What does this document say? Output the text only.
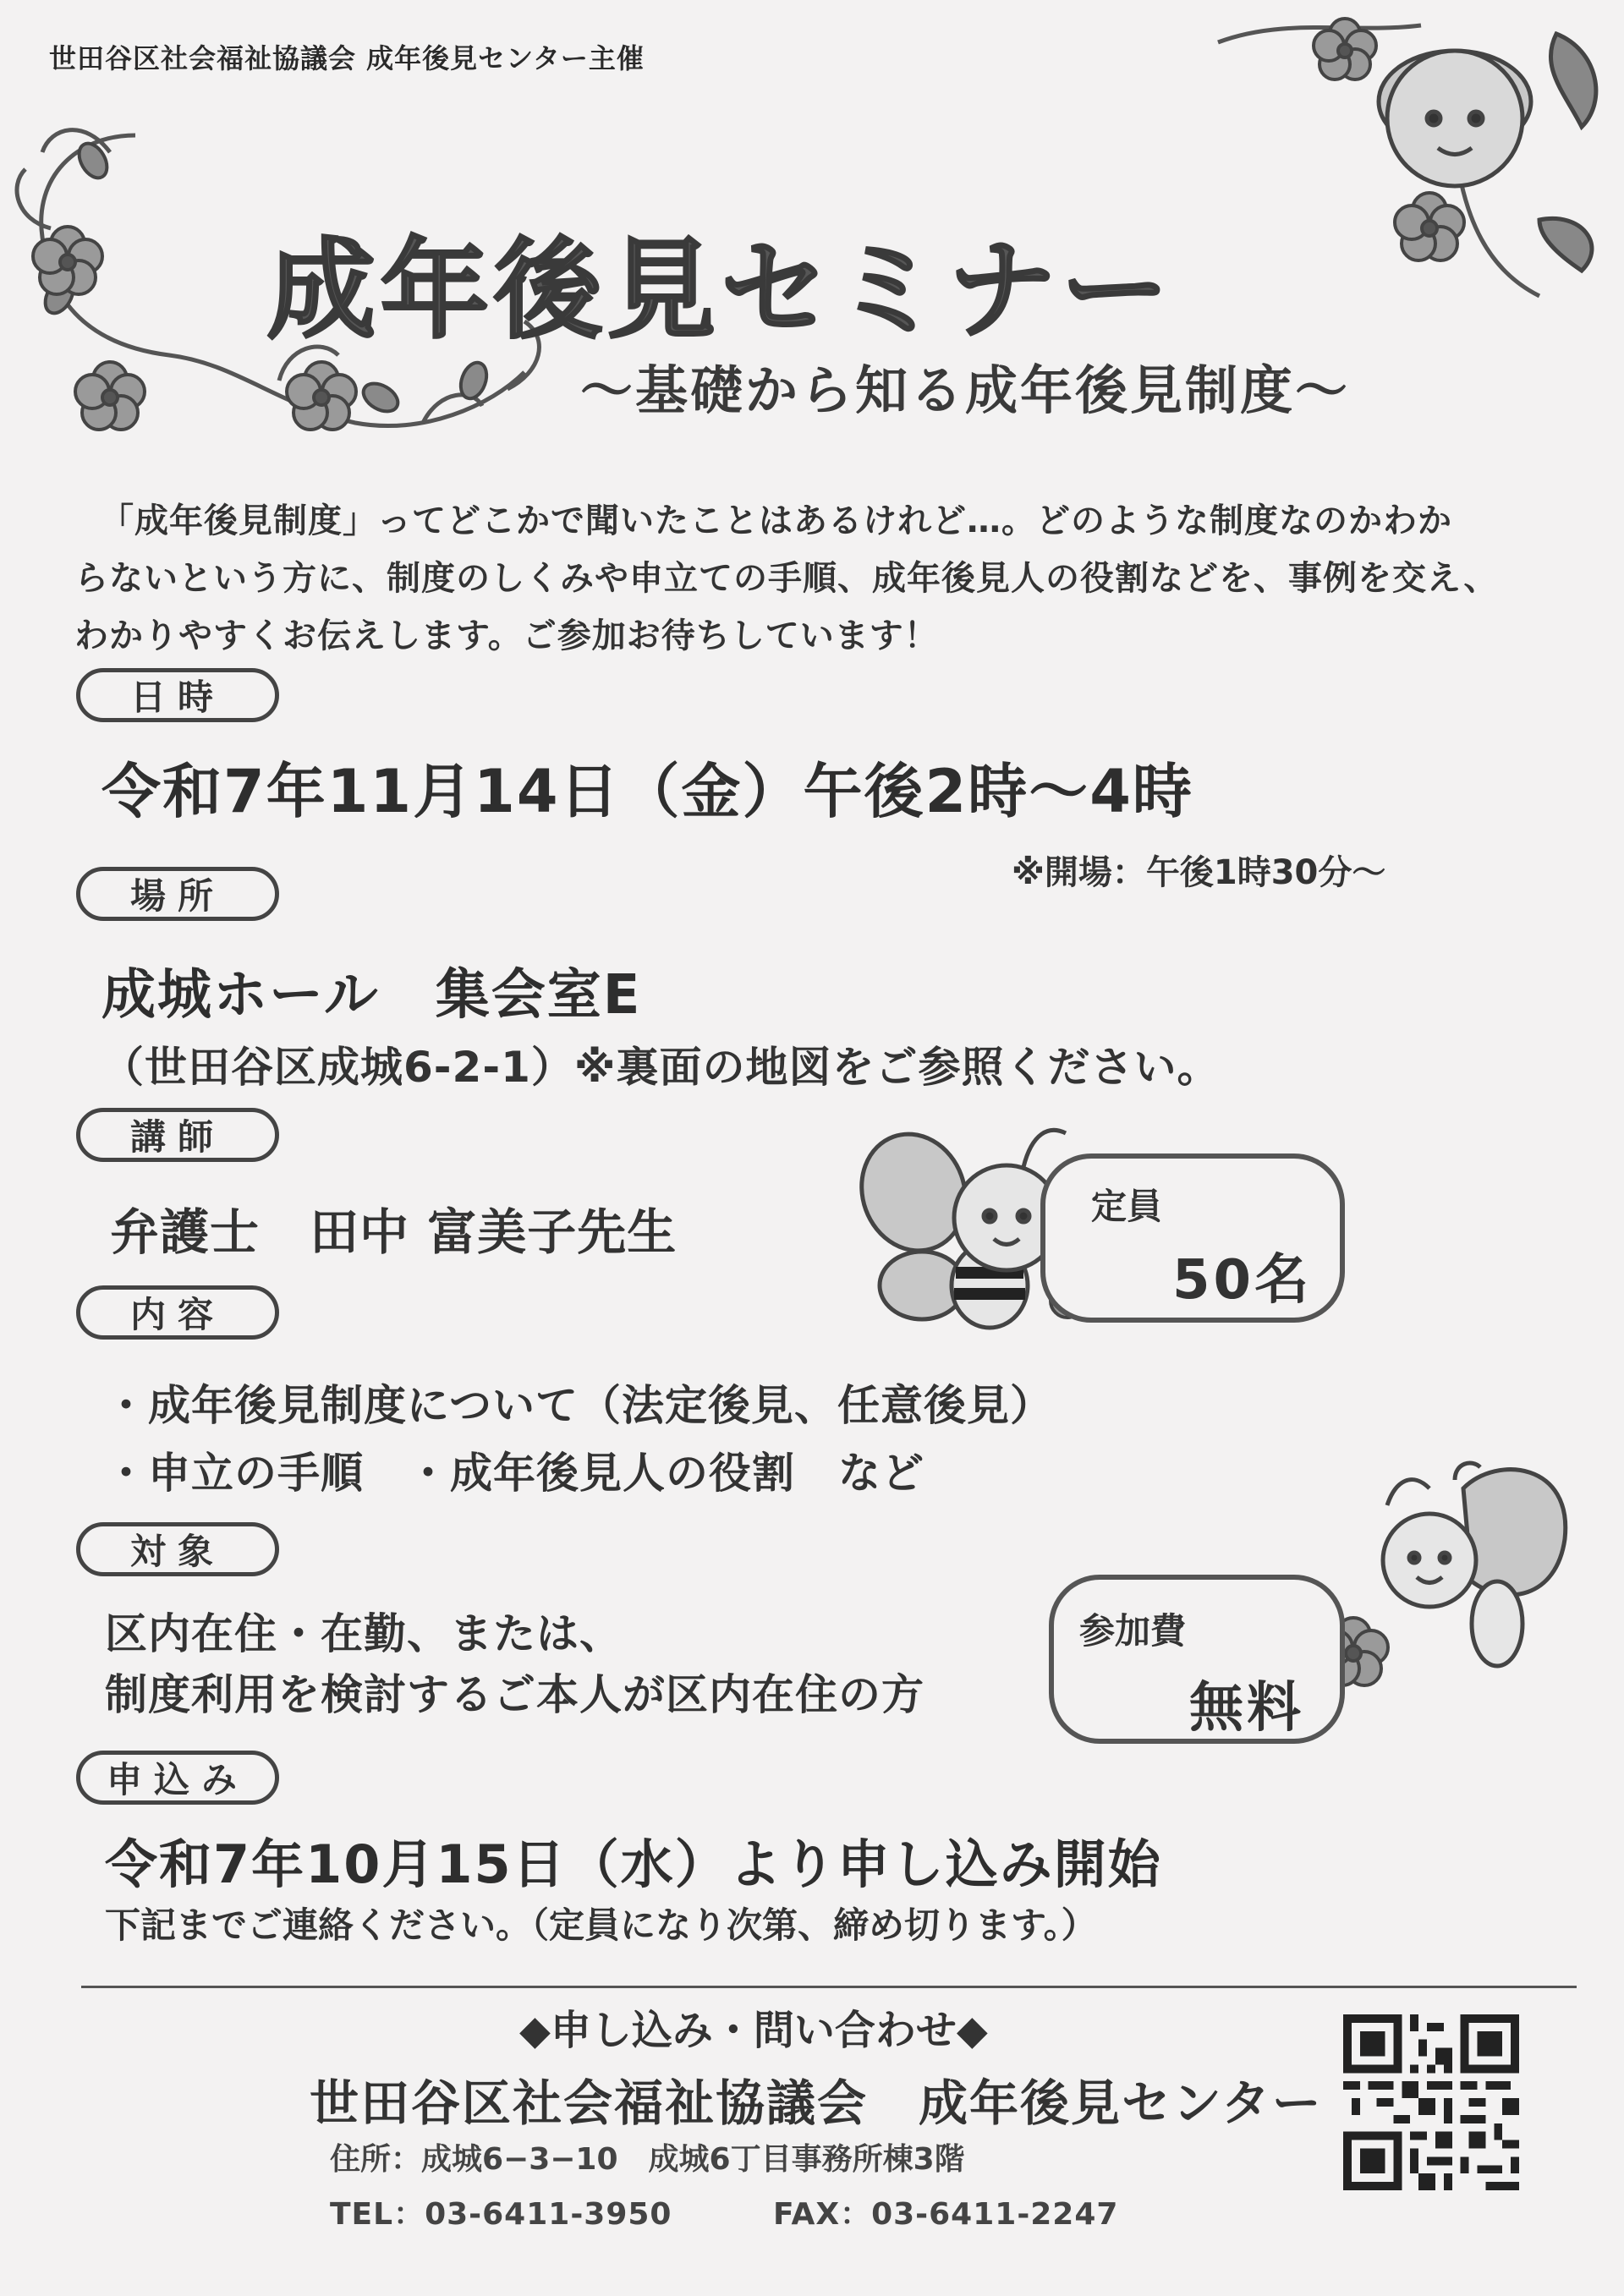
世田谷区社会福祉協議会 成年後見センター主催
成年後見セミナー
〜基礎から知る成年後見制度〜
「成年後見制度」ってどこかで聞いたことはあるけれど…。どのような制度なのかわか
らないという方に、制度のしくみや申立ての手順、成年後見人の役割などを、事例を交え、
わかりやすくお伝えします。ご参加お待ちしています！
日時
令和7年11月14日（金）午後2時〜4時
※開場：午後1時30分〜
場所
成城ホール　集会室E
（世田谷区成城6-2-1）※裏面の地図をご参照ください。
講師
弁護士　田中 富美子先生	定員
50名
内容
・成年後見制度について（法定後見、任意後見）
・申立の手順　・成年後見人の役割　など
対象
区内在住・在勤、または、
制度利用を検討するご本人が区内在住の方
参加費
無料
申込み
令和7年10月15日（水）より申し込み開始
下記までご連絡ください。（定員になり次第、締め切ります。）
◆申し込み・問い合わせ◆
世田谷区社会福祉協議会　成年後見センター
住所：成城6−3−10　成城6丁目事務所棟3階
TEL：03-6411-3950	FAX：03-6411-2247
